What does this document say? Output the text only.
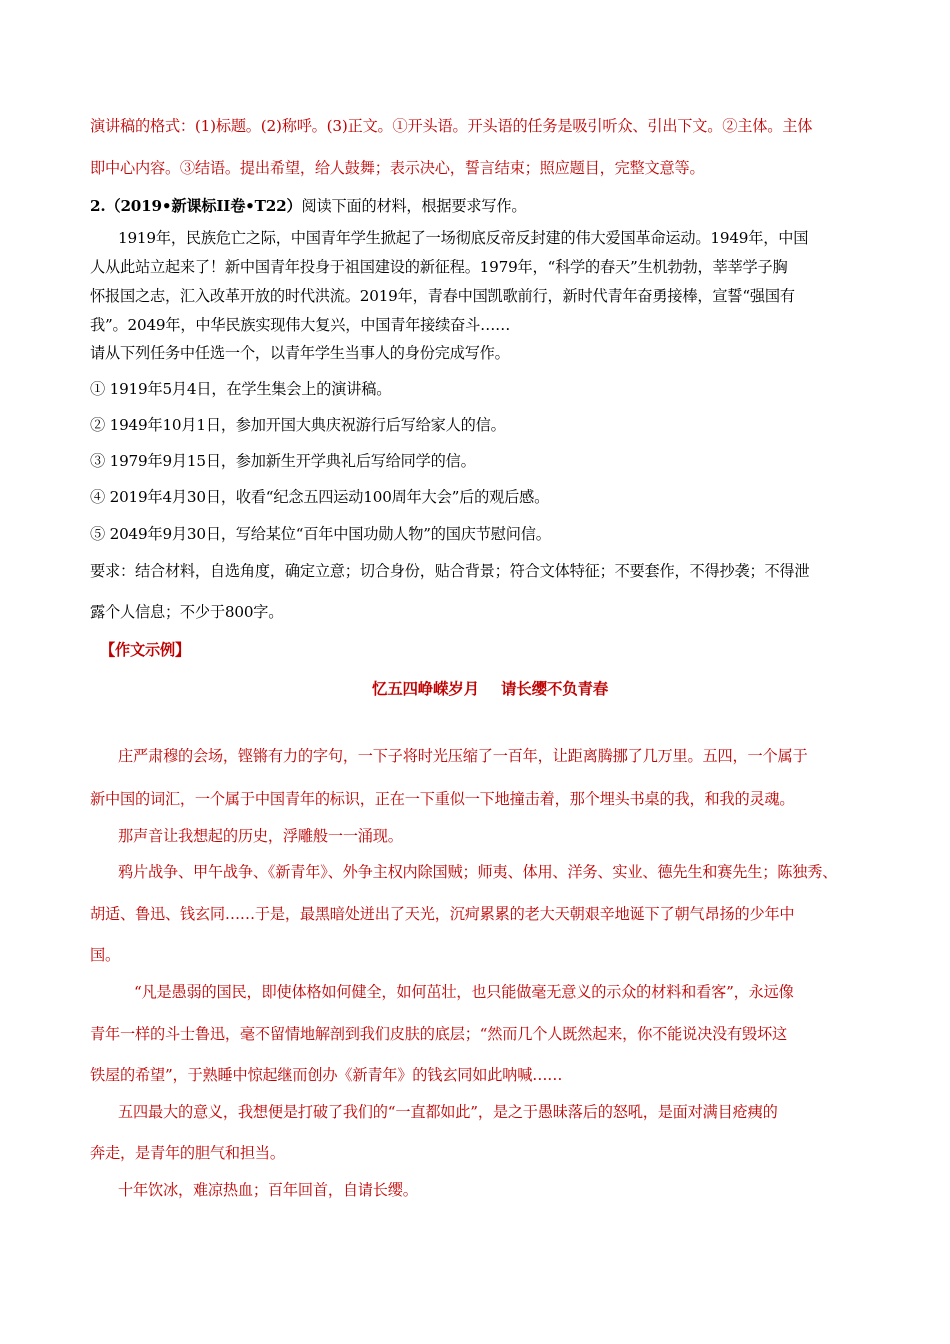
演讲稿的格式：(1)标题。(2)称呼。(3)正文。①开头语。开头语的任务是吸引听众、引出下文。②主体。主体
即中心内容。③结语。提出希望，给人鼓舞；表示决心，誓言结束；照应题目，完整文意等。
2.（2019•新课标II卷•T22）阅读下面的材料，根据要求写作。
1919年，民族危亡之际，中国青年学生掀起了一场彻底反帝反封建的伟大爱国革命运动。1949年，中国
人从此站立起来了！新中国青年投身于祖国建设的新征程。1979年，“科学的春天”生机勃勃，莘莘学子胸
怀报国之志，汇入改革开放的时代洪流。2019年，青春中国凯歌前行，新时代青年奋勇接棒，宣誓“强国有
我”。2049年，中华民族实现伟大复兴，中国青年接续奋斗……
请从下列任务中任选一个，以青年学生当事人的身份完成写作。
① 1919年5月4日，在学生集会上的演讲稿。
② 1949年10月1日，参加开国大典庆祝游行后写给家人的信。
③ 1979年9月15日，参加新生开学典礼后写给同学的信。
④ 2019年4月30日，收看“纪念五四运动100周年大会”后的观后感。
⑤ 2049年9月30日，写给某位“百年中国功勋人物”的国庆节慰问信。
要求：结合材料，自选角度，确定立意；切合身份，贴合背景；符合文体特征；不要套作，不得抄袭；不得泄
露个人信息；不少于800字。
【作文示例】
忆五四峥嵘岁月 请长缨不负青春
庄严肃穆的会场，铿锵有力的字句，一下子将时光压缩了一百年，让距离腾挪了几万里。五四，一个属于
新中国的词汇，一个属于中国青年的标识，正在一下重似一下地撞击着，那个埋头书桌的我，和我的灵魂。
那声音让我想起的历史，浮雕般一一涌现。
鸦片战争、甲午战争、《新青年》、外争主权内除国贼；师夷、体用、洋务、实业、德先生和赛先生；陈独秀、
胡适、鲁迅、钱玄同……于是，最黑暗处迸出了天光，沉疴累累的老大天朝艰辛地诞下了朝气昂扬的少年中
国。
“凡是愚弱的国民，即使体格如何健全，如何茁壮，也只能做毫无意义的示众的材料和看客”，永远像
青年一样的斗士鲁迅，毫不留情地解剖到我们皮肤的底层；“然而几个人既然起来，你不能说决没有毁坏这
铁屋的希望”，于熟睡中惊起继而创办《新青年》的钱玄同如此呐喊……
五四最大的意义，我想便是打破了我们的“一直都如此”，是之于愚昧落后的怒吼，是面对满目疮痍的
奔走，是青年的胆气和担当。
十年饮冰，难凉热血；百年回首，自请长缨。
